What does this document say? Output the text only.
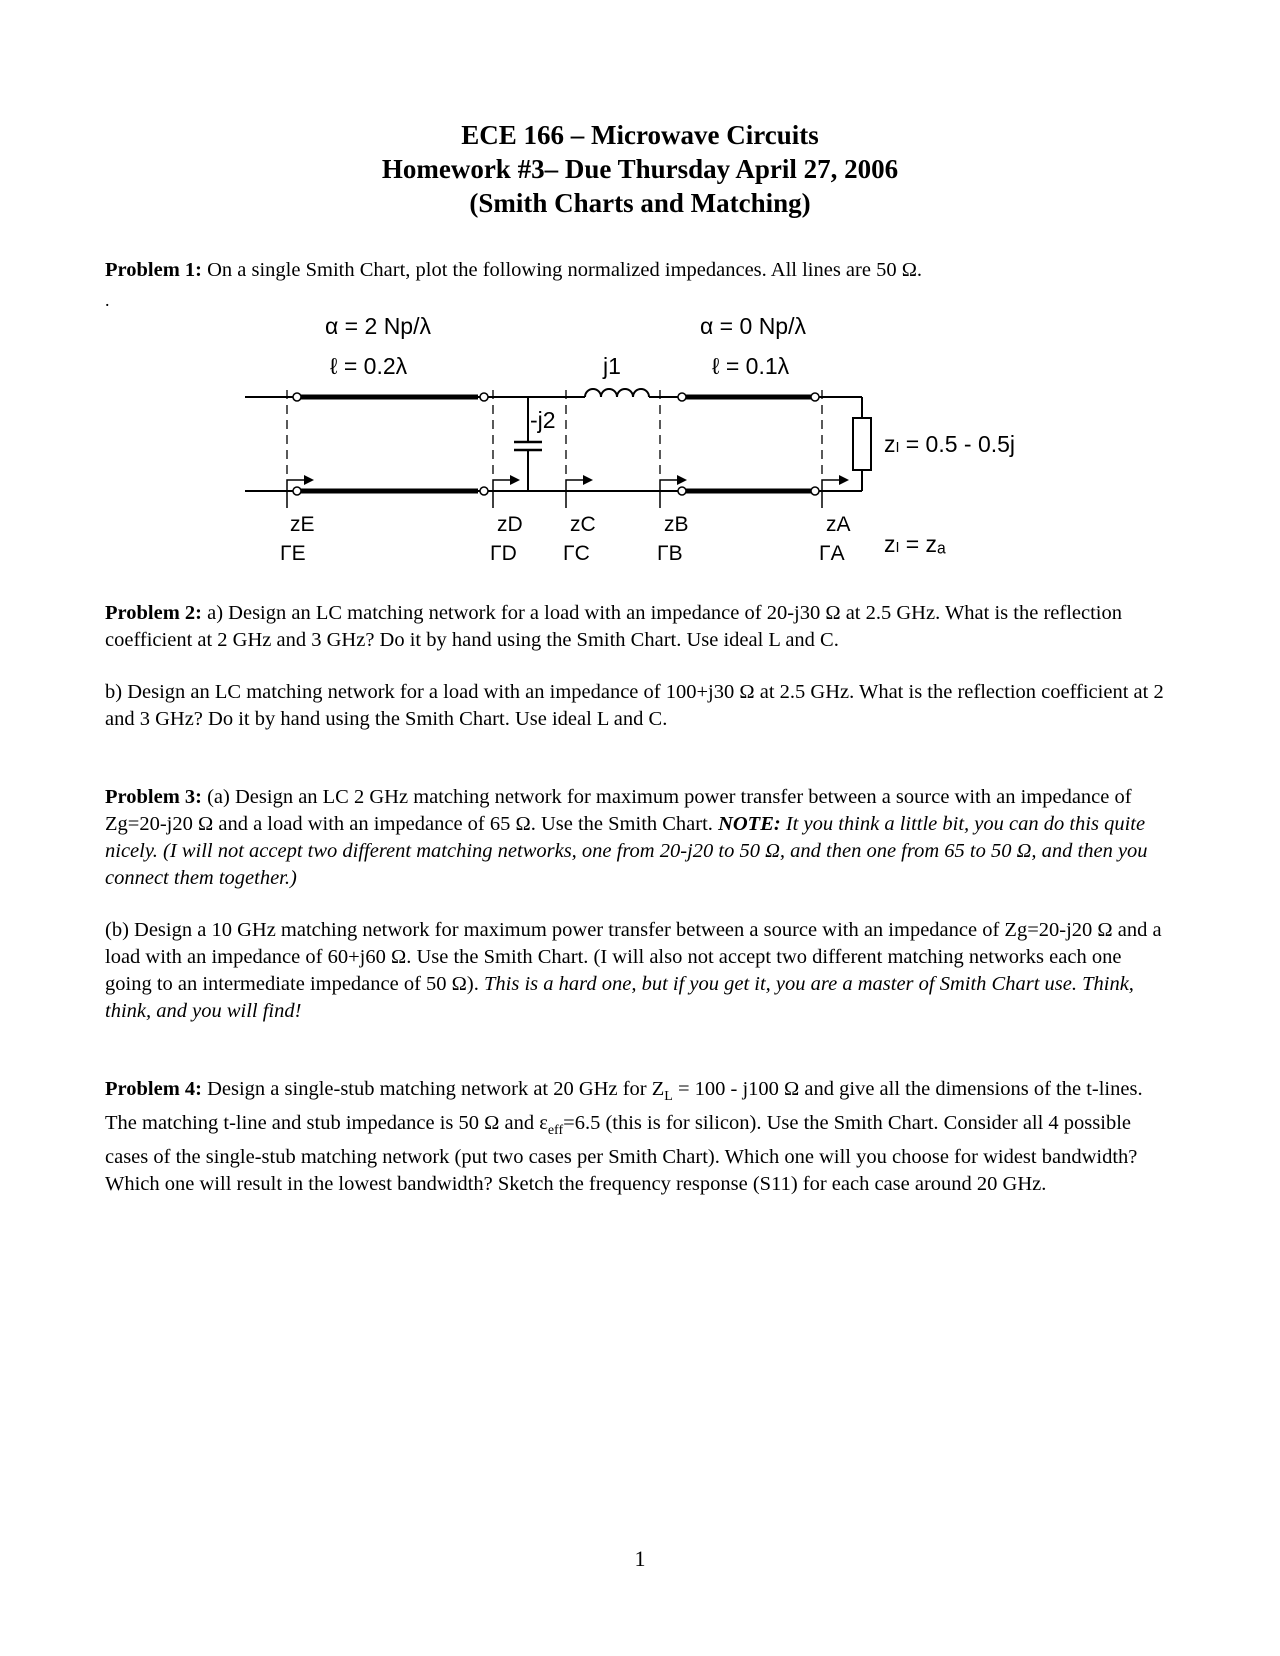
ECE 166 – Microwave Circuits
Homework #3– Due Thursday April 27, 2006
(Smith Charts and Matching)
Problem 1: On a single Smith Chart, plot the following normalized impedances. All lines are 50 Ω.
.
α = 2 Np/λ
ℓ = 0.2λ
α = 0 Np/λ
ℓ = 0.1λ
j1
-j2
zₗ = 0.5 - 0.5j
zₗ = zₐ
zE
ΓE
zD
ΓD
zC
ΓC
zB
ΓB
zA
ΓA
Problem 2: a) Design an LC matching network for a load with an impedance of 20-j30 Ω at 2.5 GHz. What is the reflection coefficient at 2 GHz and 3 GHz? Do it by hand using the Smith Chart. Use ideal L and C.
b) Design an LC matching network for a load with an impedance of 100+j30 Ω at 2.5 GHz. What is the reflection coefficient at 2 and 3 GHz? Do it by hand using the Smith Chart. Use ideal L and C.
Problem 3: (a) Design an LC 2 GHz matching network for maximum power transfer between a source with an impedance of Zg=20-j20 Ω and a load with an impedance of 65 Ω. Use the Smith Chart. NOTE: It you think a little bit, you can do this quite nicely. (I will not accept two different matching networks, one from 20-j20 to 50 Ω, and then one from 65 to 50 Ω, and then you connect them together.)
(b) Design a 10 GHz matching network for maximum power transfer between a source with an impedance of Zg=20-j20 Ω and a load with an impedance of 60+j60 Ω. Use the Smith Chart. (I will also not accept two different matching networks each one going to an intermediate impedance of 50 Ω). This is a hard one, but if you get it, you are a master of Smith Chart use. Think, think, and you will find!
Problem 4: Design a single-stub matching network at 20 GHz for $Z_L = 100 - j100$ Ω and give all the dimensions of the t-lines. The matching t-line and stub impedance is 50 Ω and $\varepsilon_{eff}=6.5$ (this is for silicon). Use the Smith Chart. Consider all 4 possible cases of the single-stub matching network (put two cases per Smith Chart). Which one will you choose for widest bandwidth? Which one will result in the lowest bandwidth? Sketch the frequency response (S11) for each case around 20 GHz.
1
